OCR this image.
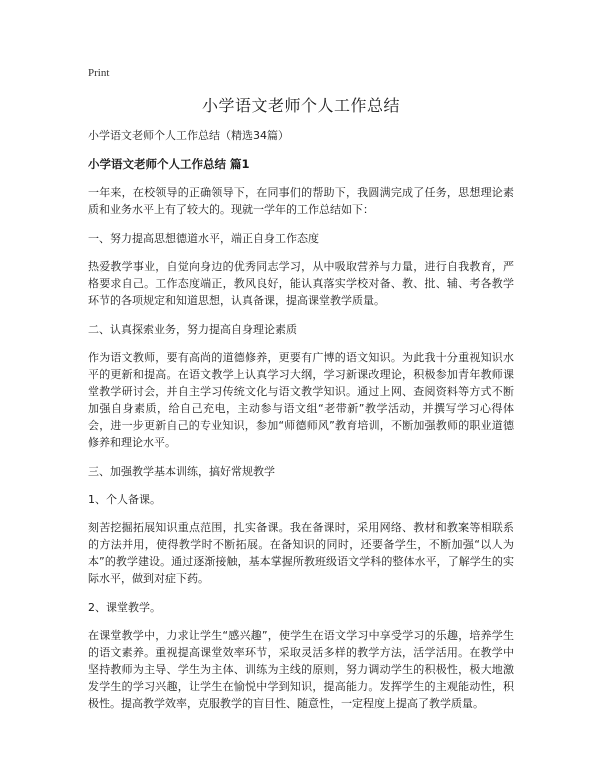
Print

小学语文老师个人工作总结

小学语文老师个人工作总结（精选34篇）

小学语文老师个人工作总结 篇1

一年来，在校领导的正确领导下，在同事们的帮助下，我圆满完成了任务，思想理论素质和业务水平上有了较大的。现就一学年的工作总结如下：

一、努力提高思想德道水平，端正自身工作态度

热爱教学事业，自觉向身边的优秀同志学习，从中吸取营养与力量，进行自我教育，严格要求自己。工作态度端正，教风良好，能认真落实学校对备、教、批、辅、考各教学环节的各项规定和知道思想，认真备课，提高课堂教学质量。

二、认真探索业务，努力提高自身理论素质

作为语文教师，要有高尚的道德修养，更要有广博的语文知识。为此我十分重视知识水平的更新和提高。在语文教学上认真学习大纲，学习新课改理论，积极参加青年教师课堂教学研讨会，并自主学习传统文化与语文教学知识。通过上网、查阅资料等方式不断加强自身素质，给自己充电，主动参与语文组“老带新”教学活动，并撰写学习心得体会，进一步更新自己的专业知识，参加“师德师风”教育培训，不断加强教师的职业道德修养和理论水平。

三、加强教学基本训练，搞好常规教学

1、个人备课。

刻苦挖掘拓展知识重点范围，扎实备课。我在备课时，采用网络、教材和教案等相联系的方法并用，使得教学时不断拓展。在备知识的同时，还要备学生，不断加强“以人为本”的教学建设。通过逐渐接触，基本掌握所教班级语文学科的整体水平，了解学生的实际水平，做到对症下药。

2、课堂教学。

在课堂教学中，力求让学生“感兴趣”，使学生在语文学习中享受学习的乐趣，培养学生的语文素养。重视提高课堂效率环节，采取灵活多样的教学方法，活学活用。在教学中坚持教师为主导、学生为主体、训练为主线的原则，努力调动学生的积极性，极大地激发学生的学习兴趣，让学生在愉悦中学到知识，提高能力。发挥学生的主观能动性，积极性。提高教学效率，克服教学的盲目性、随意性，一定程度上提高了教学质量。
